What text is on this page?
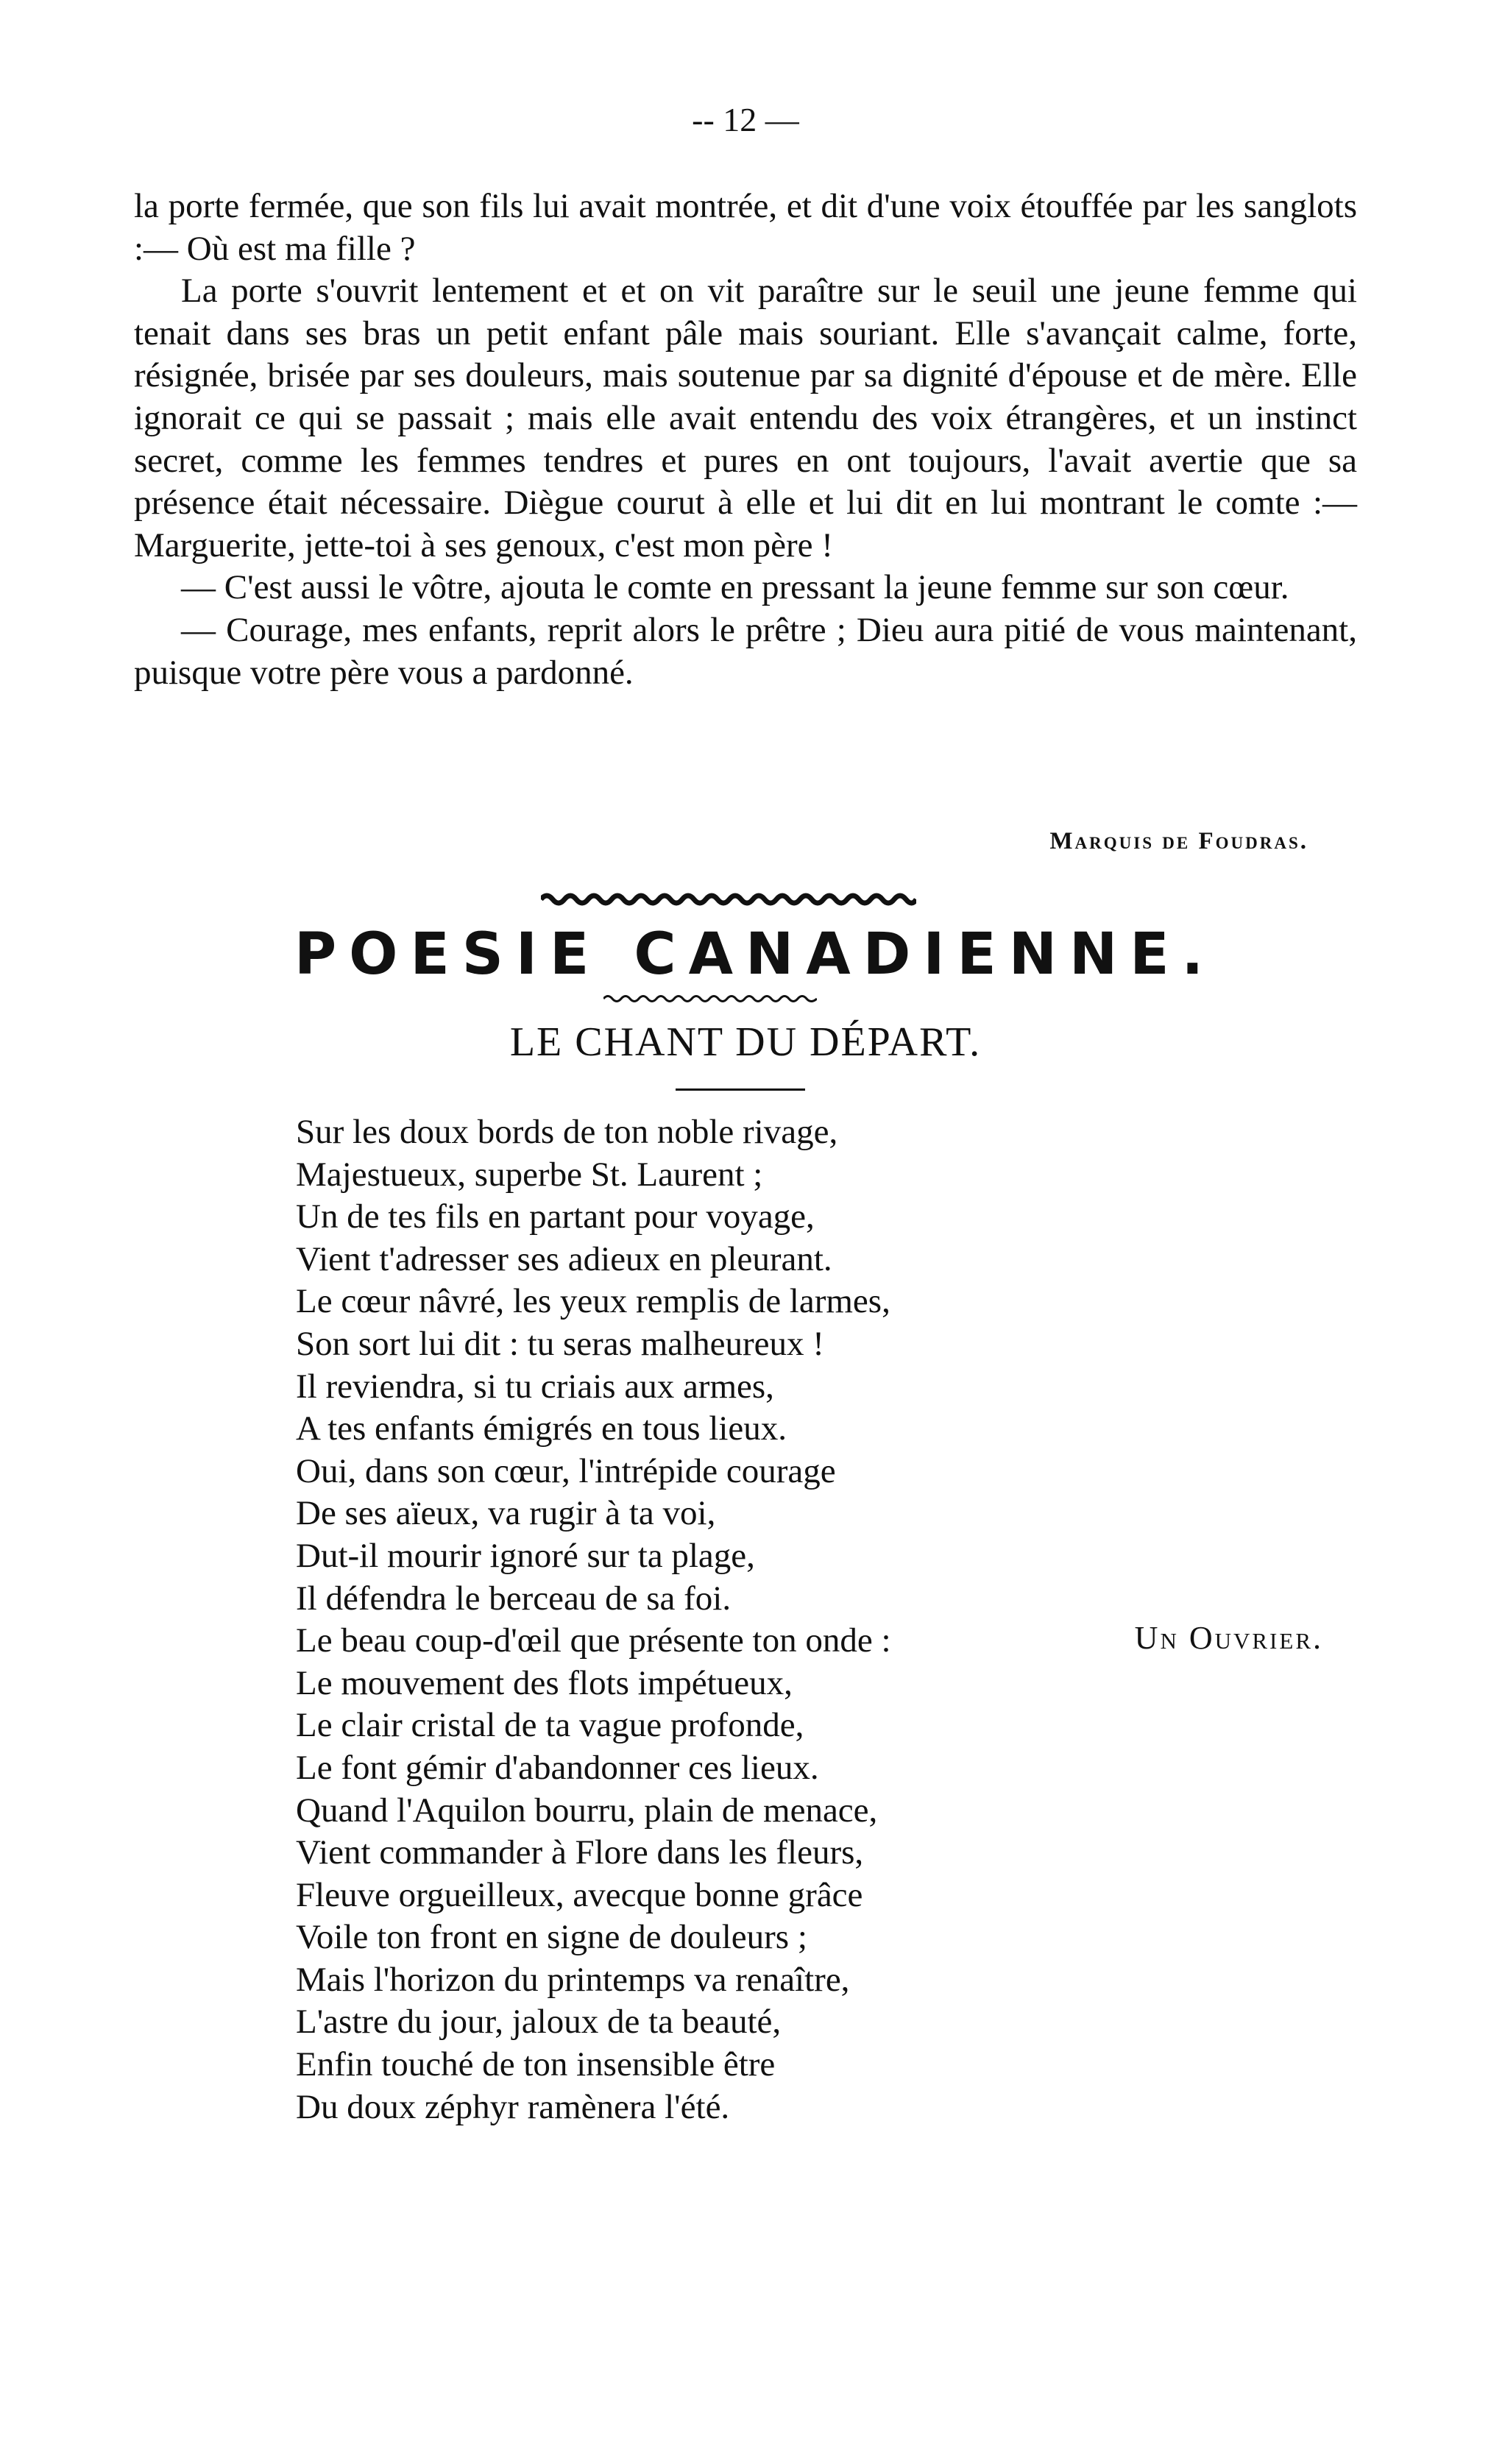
-- 12 —

la porte fermée, que son fils lui avait montrée, et dit d'une voix étouffée par les sanglots :— Où est ma fille ?

La porte s'ouvrit lentement et et on vit paraître sur le seuil une jeune femme qui tenait dans ses bras un petit enfant pâle mais souriant. Elle s'avançait calme, forte, résignée, brisée par ses douleurs, mais soutenue par sa dignité d'épouse et de mère. Elle ignorait ce qui se passait ; mais elle avait entendu des voix étrangères, et un instinct secret, comme les femmes tendres et pures en ont toujours, l'avait avertie que sa présence était nécessaire. Diègue courut à elle et lui dit en lui montrant le comte :—Marguerite, jette-toi à ses genoux, c'est mon père !

— C'est aussi le vôtre, ajouta le comte en pressant la jeune femme sur son cœur.

— Courage, mes enfants, reprit alors le prêtre ; Dieu aura pitié de vous maintenant, puisque votre père vous a pardonné.

Marquis de Foudras.
POESIE CANADIENNE.
LE CHANT DU DÉPART.
Sur les doux bords de ton noble rivage,
Majestueux, superbe St. Laurent ;
Un de tes fils en partant pour voyage,
Vient t'adresser ses adieux en pleurant.
Le cœur nâvré, les yeux remplis de larmes,
Son sort lui dit : tu seras malheureux !
Il reviendra, si tu criais aux armes,
A tes enfants émigrés en tous lieux.
Oui, dans son cœur, l'intrépide courage
De ses aïeux, va rugir à ta voi,
Dut-il mourir ignoré sur ta plage,
Il défendra le berceau de sa foi.
Le beau coup-d'œil que présente ton onde :
Le mouvement des flots impétueux,
Le clair cristal de ta vague profonde,
Le font gémir d'abandonner ces lieux.
Quand l'Aquilon bourru, plain de menace,
Vient commander à Flore dans les fleurs,
Fleuve orgueilleux, avecque bonne grâce
Voile ton front en signe de douleurs ;
Mais l'horizon du printemps va renaître,
L'astre du jour, jaloux de ta beauté,
Enfin touché de ton insensible être
Du doux zéphyr ramènera l'été.
Un Ouvrier.
